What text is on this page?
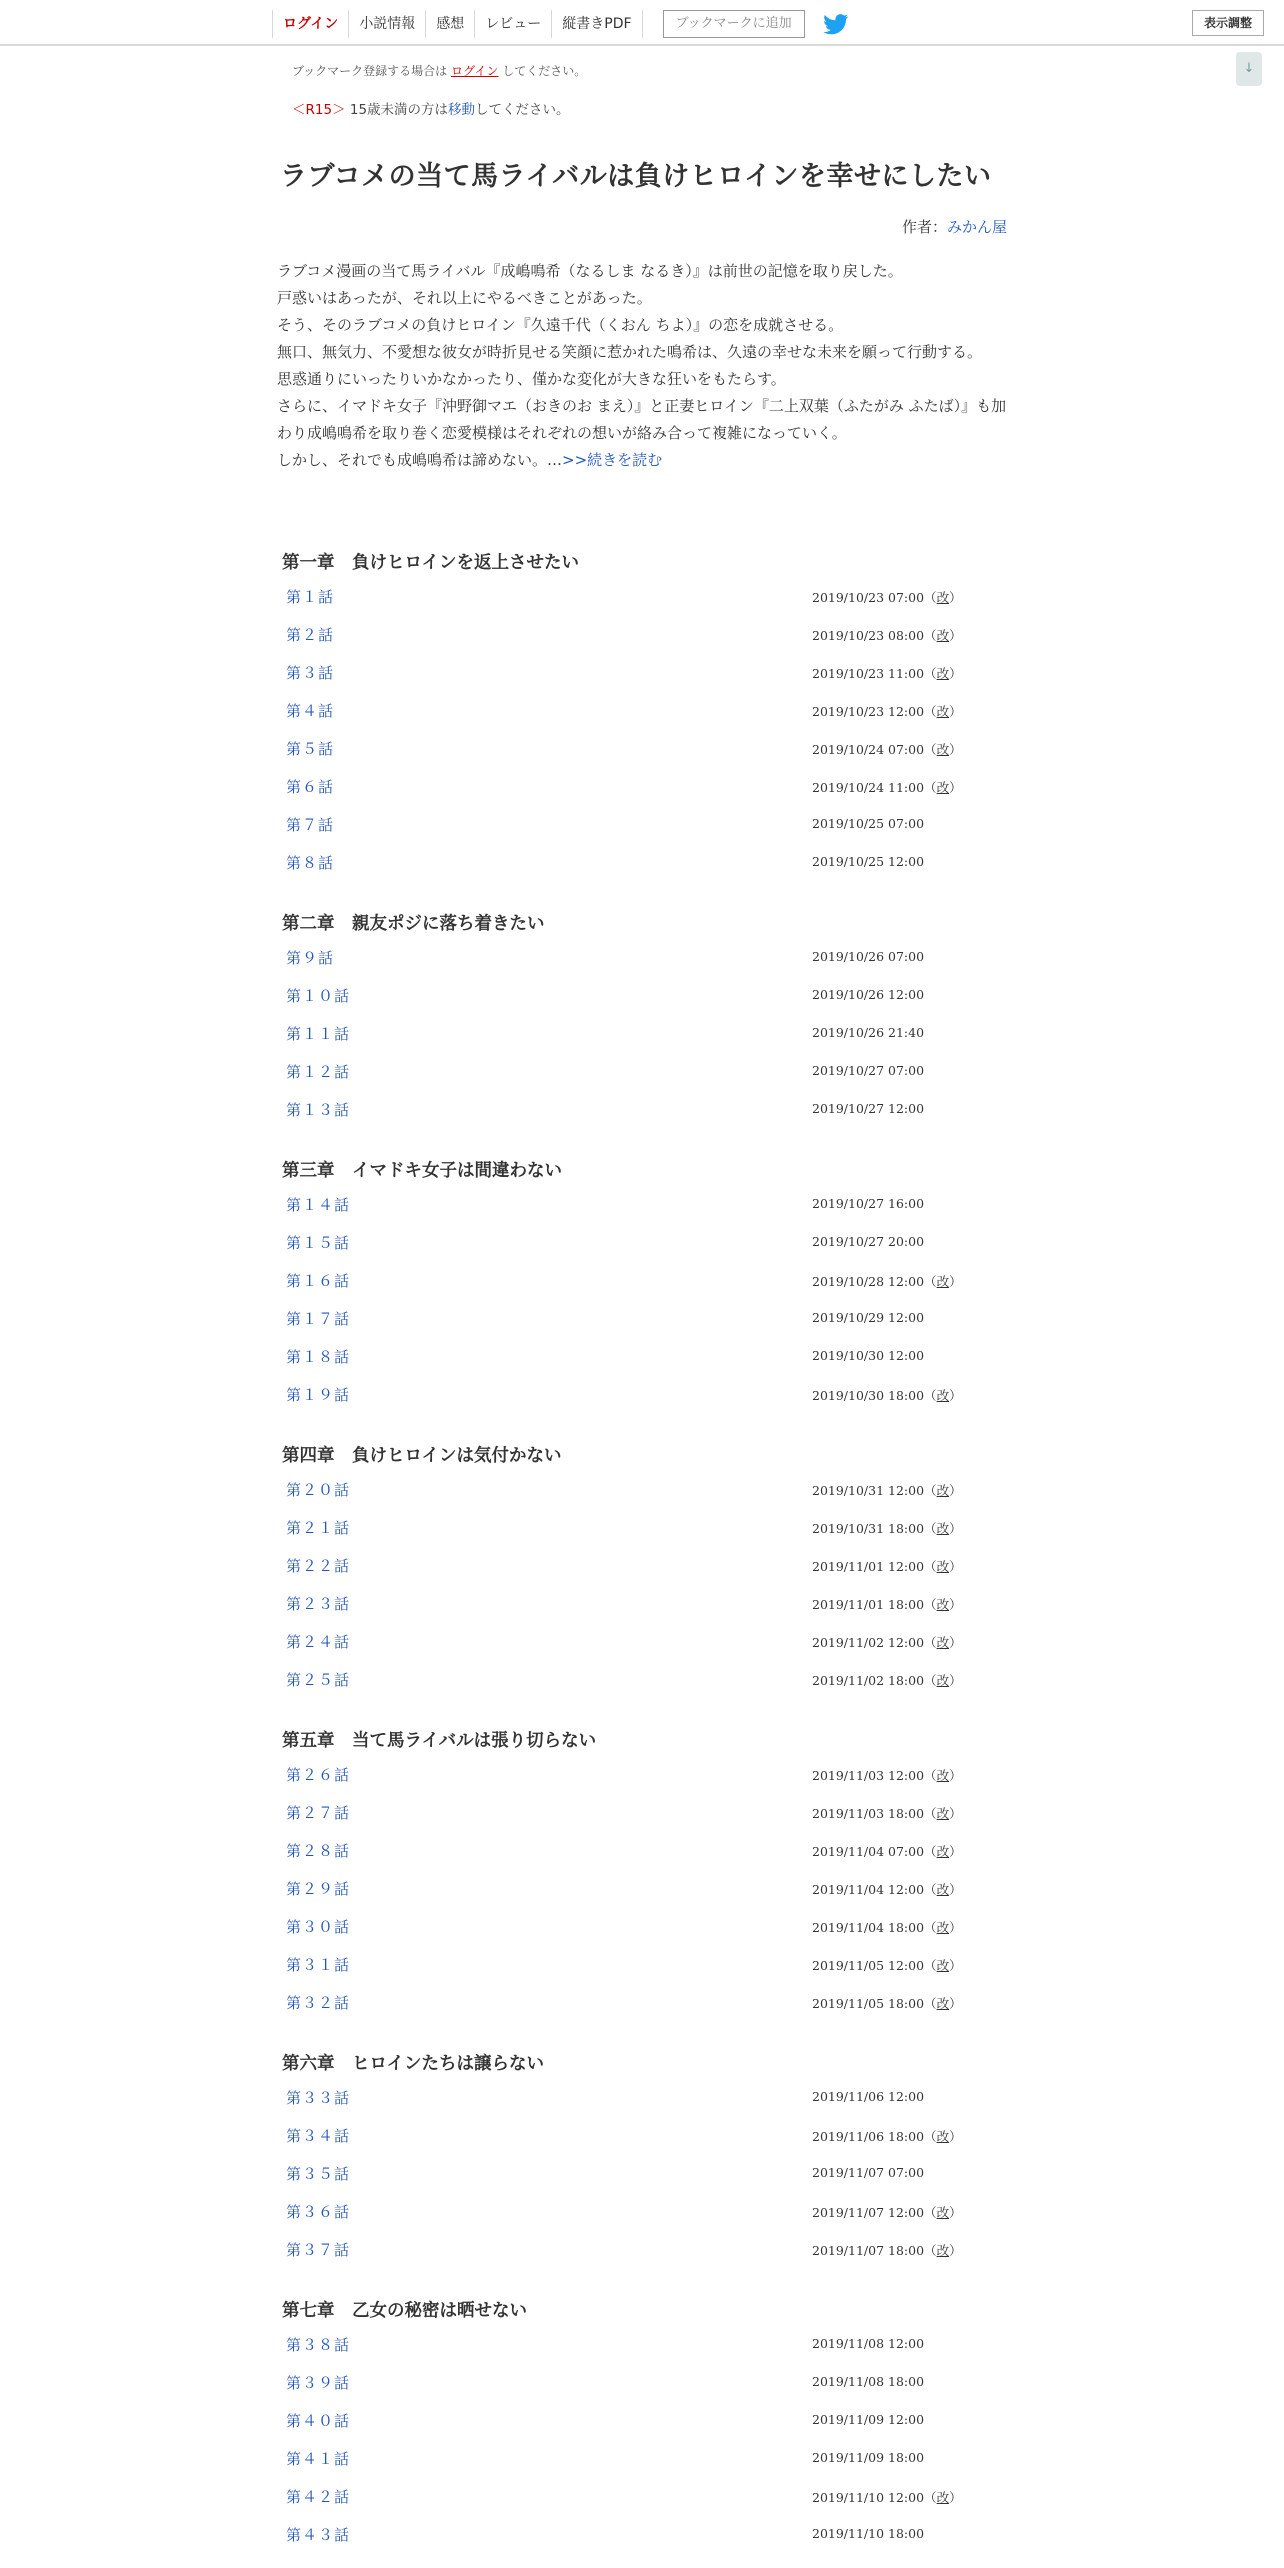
ログイン	小説情報	感想	レビュー	縦書きPDF	ブックマークに追加	表示調整
↓
ブックマーク登録する場合は ログイン してください。
＜R15＞ 15歳未満の方は移動してください。
ラブコメの当て馬ライバルは負けヒロインを幸せにしたい
作者：みかん屋
ラブコメ漫画の当て馬ライバル『成嶋鳴希（なるしま なるき）』は前世の記憶を取り戻した。
戸惑いはあったが、それ以上にやるべきことがあった。
そう、そのラブコメの負けヒロイン『久遠千代（くおん ちよ）』の恋を成就させる。
無口、無気力、不愛想な彼女が時折見せる笑顔に惹かれた鳴希は、久遠の幸せな未来を願って行動する。
思惑通りにいったりいかなかったり、僅かな変化が大きな狂いをもたらす。
さらに、イマドキ女子『沖野御マエ（おきのお まえ）』と正妻ヒロイン『二上双葉（ふたがみ ふたば）』も加
わり成嶋鳴希を取り巻く恋愛模様はそれぞれの想いが絡み合って複雑になっていく。
しかし、それでも成嶋鳴希は諦めない。…>>続きを読む
第一章　負けヒロインを返上させたい
第１話	2019/10/23 07:00（改）
第２話	2019/10/23 08:00（改）
第３話	2019/10/23 11:00（改）
第４話	2019/10/23 12:00（改）
第５話	2019/10/24 07:00（改）
第６話	2019/10/24 11:00（改）
第７話	2019/10/25 07:00
第８話	2019/10/25 12:00
第二章　親友ポジに落ち着きたい
第９話	2019/10/26 07:00
第１０話	2019/10/26 12:00
第１１話	2019/10/26 21:40
第１２話	2019/10/27 07:00
第１３話	2019/10/27 12:00
第三章　イマドキ女子は間違わない
第１４話	2019/10/27 16:00
第１５話	2019/10/27 20:00
第１６話	2019/10/28 12:00（改）
第１７話	2019/10/29 12:00
第１８話	2019/10/30 12:00
第１９話	2019/10/30 18:00（改）
第四章　負けヒロインは気付かない
第２０話	2019/10/31 12:00（改）
第２１話	2019/10/31 18:00（改）
第２２話	2019/11/01 12:00（改）
第２３話	2019/11/01 18:00（改）
第２４話	2019/11/02 12:00（改）
第２５話	2019/11/02 18:00（改）
第五章　当て馬ライバルは張り切らない
第２６話	2019/11/03 12:00（改）
第２７話	2019/11/03 18:00（改）
第２８話	2019/11/04 07:00（改）
第２９話	2019/11/04 12:00（改）
第３０話	2019/11/04 18:00（改）
第３１話	2019/11/05 12:00（改）
第３２話	2019/11/05 18:00（改）
第六章　ヒロインたちは譲らない
第３３話	2019/11/06 12:00
第３４話	2019/11/06 18:00（改）
第３５話	2019/11/07 07:00
第３６話	2019/11/07 12:00（改）
第３７話	2019/11/07 18:00（改）
第七章　乙女の秘密は晒せない
第３８話	2019/11/08 12:00
第３９話	2019/11/08 18:00
第４０話	2019/11/09 12:00
第４１話	2019/11/09 18:00
第４２話	2019/11/10 12:00（改）
第４３話	2019/11/10 18:00
